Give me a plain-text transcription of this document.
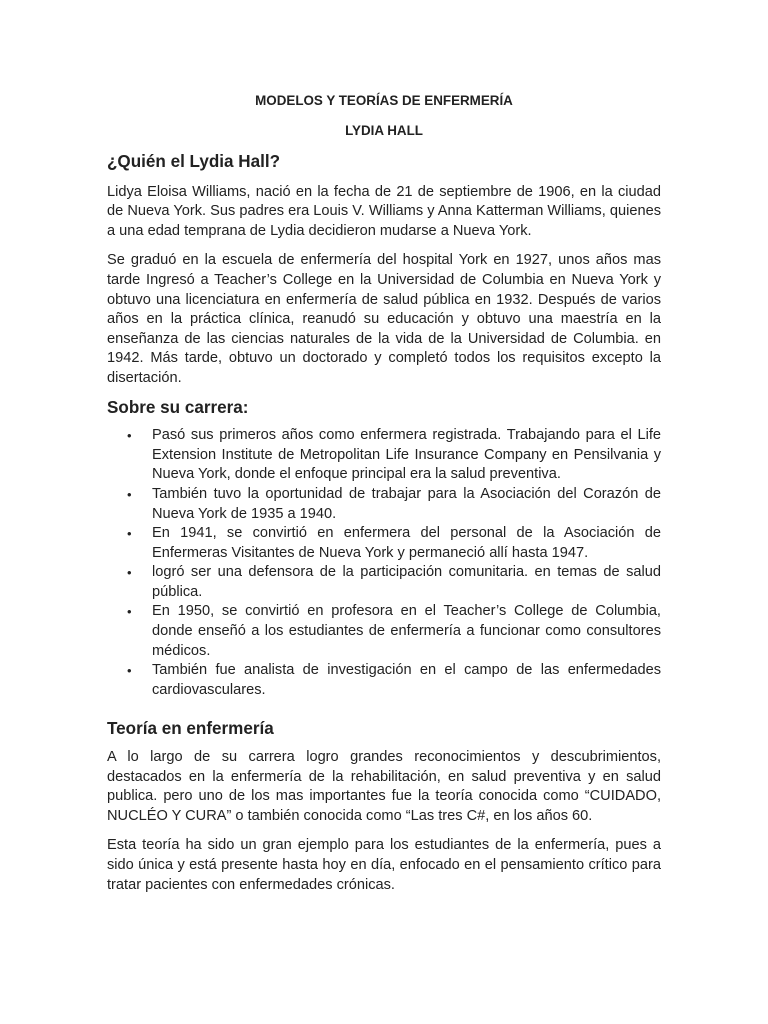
MODELOS Y TEORÍAS DE ENFERMERÍA
LYDIA HALL
¿Quién el Lydia Hall?

Lidya Eloisa Williams, nació en la fecha de 21 de septiembre de 1906, en la ciudad de Nueva York. Sus padres era Louis V. Williams y Anna Katterman Williams, quienes a una edad temprana de Lydia decidieron mudarse a Nueva York.

Se graduó en la escuela de enfermería del hospital York en 1927, unos años mas tarde Ingresó a Teacher’s College en la Universidad de Columbia en Nueva York y obtuvo una licenciatura en enfermería de salud pública en 1932. Después de varios años en la práctica clínica, reanudó su educación y obtuvo una maestría en la enseñanza de las ciencias naturales de la vida de la Universidad de Columbia. en 1942. Más tarde, obtuvo un doctorado y completó todos los requisitos excepto la disertación.

Sobre su carrera:
• Pasó sus primeros años como enfermera registrada. Trabajando para el Life Extension Institute de Metropolitan Life Insurance Company en Pensilvania y Nueva York, donde el enfoque principal era la salud preventiva.
• También tuvo la oportunidad de trabajar para la Asociación del Corazón de Nueva York de 1935 a 1940.
• En 1941, se convirtió en enfermera del personal de la Asociación de Enfermeras Visitantes de Nueva York y permaneció allí hasta 1947.
• logró ser una defensora de la participación comunitaria. en temas de salud pública.
• En 1950, se convirtió en profesora en el Teacher’s College de Columbia, donde enseñó a los estudiantes de enfermería a funcionar como consultores médicos.
• También fue analista de investigación en el campo de las enfermedades cardiovasculares.
Teoría en enfermería

A lo largo de su carrera logro grandes reconocimientos y descubrimientos, destacados en la enfermería de la rehabilitación, en salud preventiva y en salud publica. pero uno de los mas importantes fue la teoría conocida como “CUIDADO, NUCLÉO Y CURA” o también conocida como “Las tres C#, en los años 60.

Esta teoría ha sido un gran ejemplo para los estudiantes de la enfermería, pues a sido única y está presente hasta hoy en día, enfocado en el pensamiento crítico para tratar pacientes con enfermedades crónicas.
